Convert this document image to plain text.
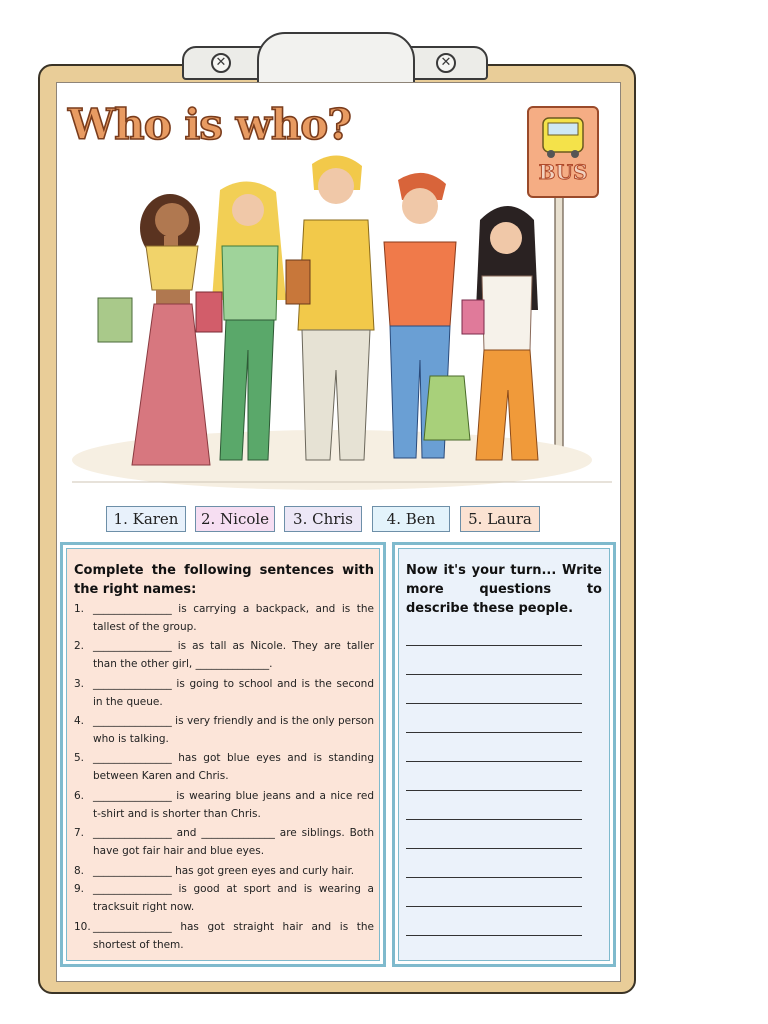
✕	✕
Who is who?
BUS
1. Karen	2. Nicole	3. Chris	4. Ben	5. Laura
Complete the following sentences with the right names:
1. _______________ is carrying a backpack, and is the tallest of the group.
2. _______________ is as tall as Nicole. They are taller than the other girl, ______________.
3. _______________ is going to school and is the second in the queue.
4. _______________ is very friendly and is the only person who is talking.
5. _______________ has got blue eyes and is standing between Karen and Chris.
6. _______________ is wearing blue jeans and a nice red t-shirt and is shorter than Chris.
7. _______________ and ______________ are siblings. Both have got fair hair and blue eyes.
8. _______________ has got green eyes and curly hair.
9. _______________ is good at sport and is wearing a tracksuit right now.
10. _______________ has got straight hair and is the shortest of them.
Now it's your turn... Write more questions to describe these people.
